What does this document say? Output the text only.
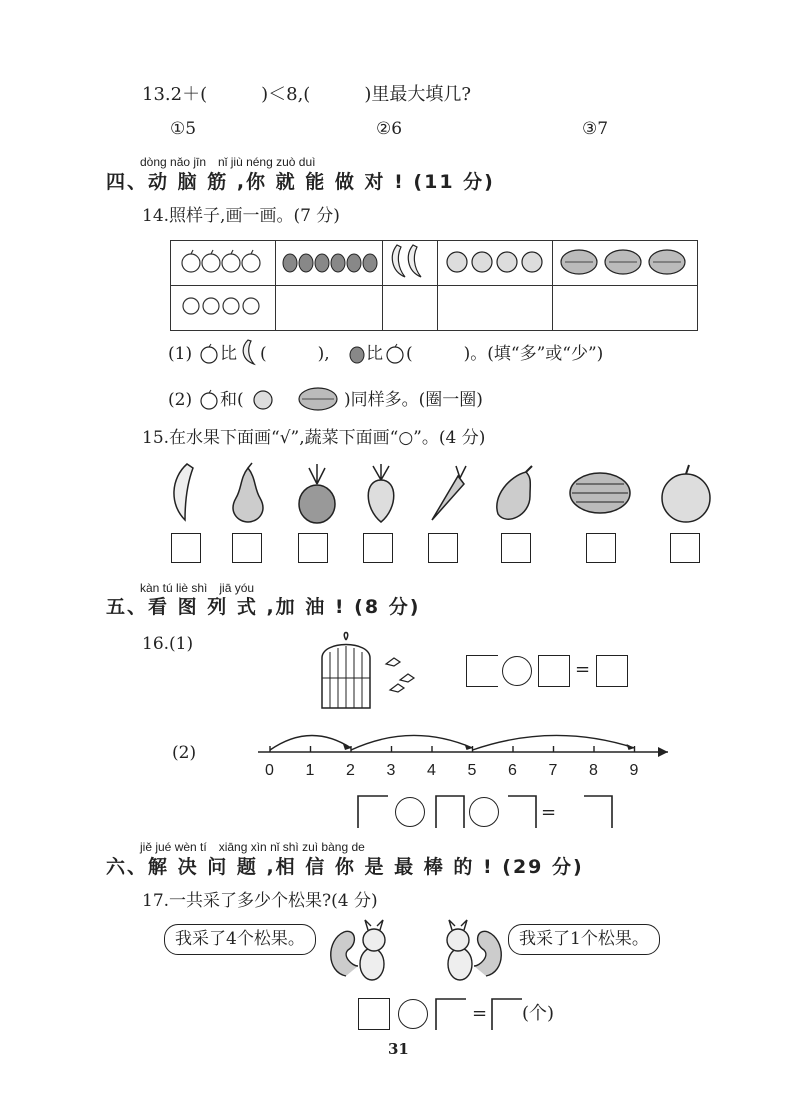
13.2＋(　　　)＜8,(　　　)里最大填几?
①5	②6	③7
dòng nǎo jīn　nǐ jiù néng zuò duì
四、动 脑 筋 ,你 就 能 做 对 ! (11 分)
14.照样子,画一画。(7 分)

(1) 比 (　　　), 比 (　　　)。(填“多”或“少”)
(2) 和(	)同样多。(圈一圈)
15.在水果下面画“√”,蔬菜下面画“○”。(4 分)
kàn tú liè shì　jiā yóu
五、看 图 列 式 ,加 油 ! (8 分)
16.(1)
=
(2)
0 1 2 3 4 5 6 7 8 9
=
jiě jué wèn tí　xiāng xìn nǐ shì zuì bàng de
六、解 决 问 题 ,相 信 你 是 最 棒 的 ! (29 分)
17.一共采了多少个松果?(4 分)
我采了4个松果。	我采了1个松果。
= (个)
31
